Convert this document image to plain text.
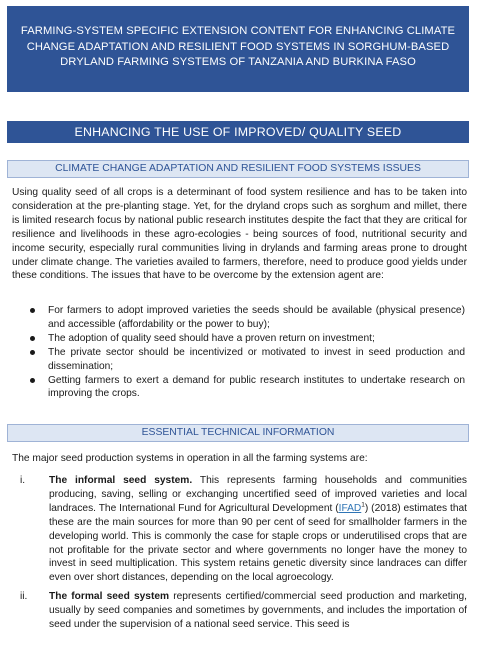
FARMING-SYSTEM SPECIFIC EXTENSION CONTENT FOR ENHANCING CLIMATE
CHANGE ADAPTATION AND RESILIENT FOOD SYSTEMS IN SORGHUM-BASED
DRYLAND FARMING SYSTEMS OF TANZANIA AND BURKINA FASO
ENHANCING THE USE OF IMPROVED/ QUALITY SEED
CLIMATE CHANGE ADAPTATION AND RESILIENT FOOD SYSTEMS ISSUES

Using quality seed of all crops is a determinant of food system resilience and has to be taken into consideration at the pre-planting stage. Yet, for the dryland crops such as sorghum and millet, there is limited research focus by national public research institutes despite the fact that they are critical for resilience and livelihoods in these agro-ecologies - being sources of food, nutritional security and income security, especially rural communities living in drylands and farming areas prone to drought under climate change. The varieties availed to farmers, therefore, need to produce good yields under these conditions. The issues that have to be overcome by the extension agent are:

For farmers to adopt improved varieties the seeds should be available (physical presence) and accessible (affordability or the power to buy);
The adoption of quality seed should have a proven return on investment;
The private sector should be incentivized or motivated to invest in seed production and dissemination;
Getting farmers to exert a demand for public research institutes to undertake research on improving the crops.
ESSENTIAL TECHNICAL INFORMATION

The major seed production systems in operation in all the farming systems are:

i. The informal seed system. This represents farming households and communities producing, saving, selling or exchanging uncertified seed of improved varieties and local landraces. The International Fund for Agricultural Development (IFAD$^1$) (2018) estimates that these are the main sources for more than 90 per cent of seed for smallholder farmers in the developing world. This is commonly the case for staple crops or underutilised crops that are not profitable for the private sector and where governments no longer have the money to invest in seed multiplication. This system retains genetic diversity since landraces can differ even over short distances, depending on the local agroecology.
ii. The formal seed system represents certified/commercial seed production and marketing, usually by seed companies and sometimes by governments, and includes the importation of seed under the supervision of a national seed service. This seed is
